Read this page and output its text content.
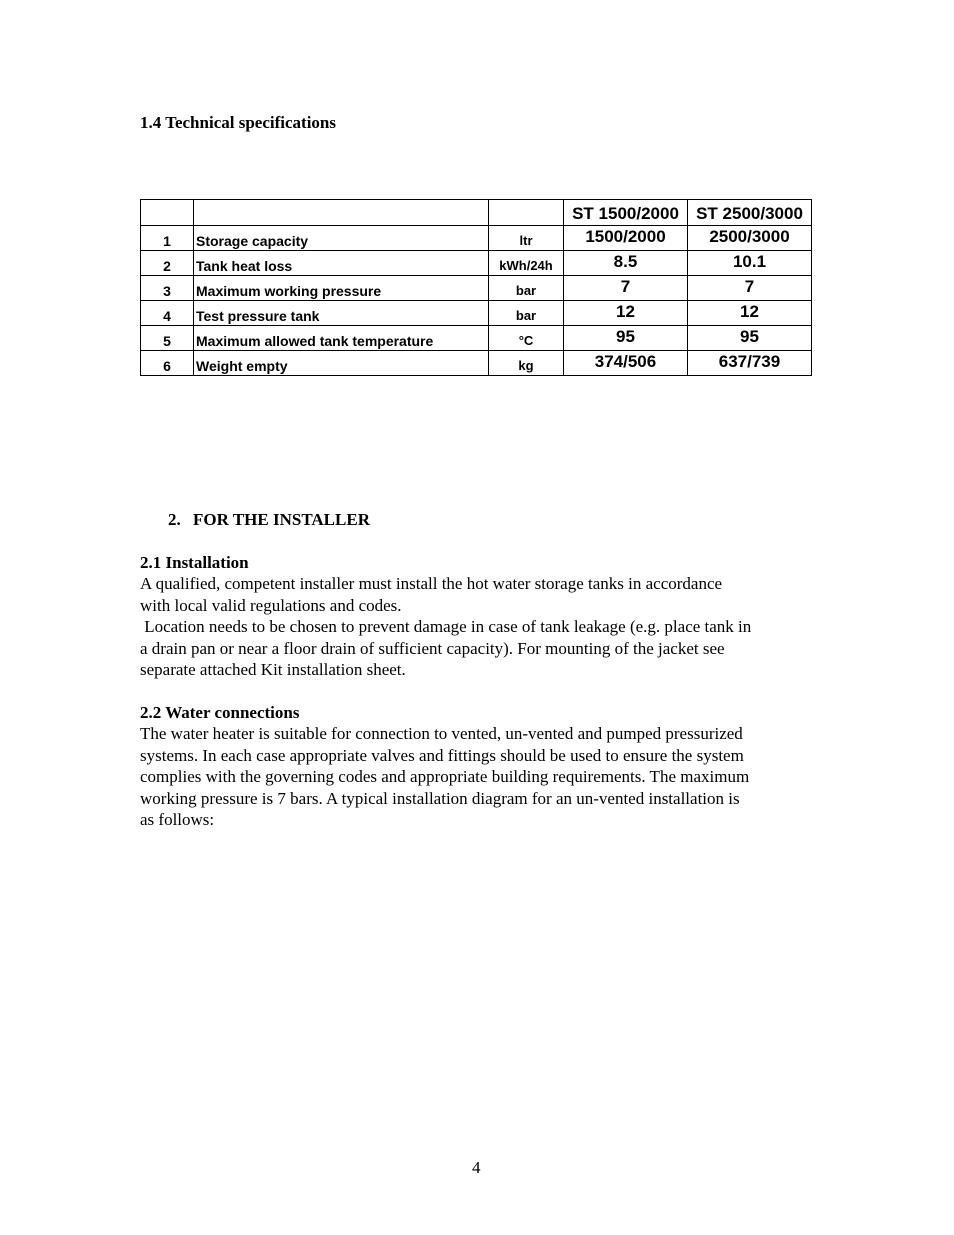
1.4 Technical specifications
			ST 1500/2000	ST 2500/3000
1	Storage capacity	ltr	1500/2000	2500/3000
2	Tank heat loss	kWh/24h	8.5	10.1
3	Maximum working pressure	bar	7	7
4	Test pressure tank	bar	12	12
5	Maximum allowed tank temperature	°C	95	95
6	Weight empty	kg	374/506	637/739
2. FOR THE INSTALLER
2.1 Installation
A qualified, competent installer must install the hot water storage tanks in accordance
with local valid regulations and codes.
Location needs to be chosen to prevent damage in case of tank leakage (e.g. place tank in
a drain pan or near a floor drain of sufficient capacity). For mounting of the jacket see
separate attached Kit installation sheet.
2.2 Water connections
The water heater is suitable for connection to vented, un-vented and pumped pressurized
systems. In each case appropriate valves and fittings should be used to ensure the system
complies with the governing codes and appropriate building requirements. The maximum
working pressure is 7 bars. A typical installation diagram for an un-vented installation is
as follows:
4
